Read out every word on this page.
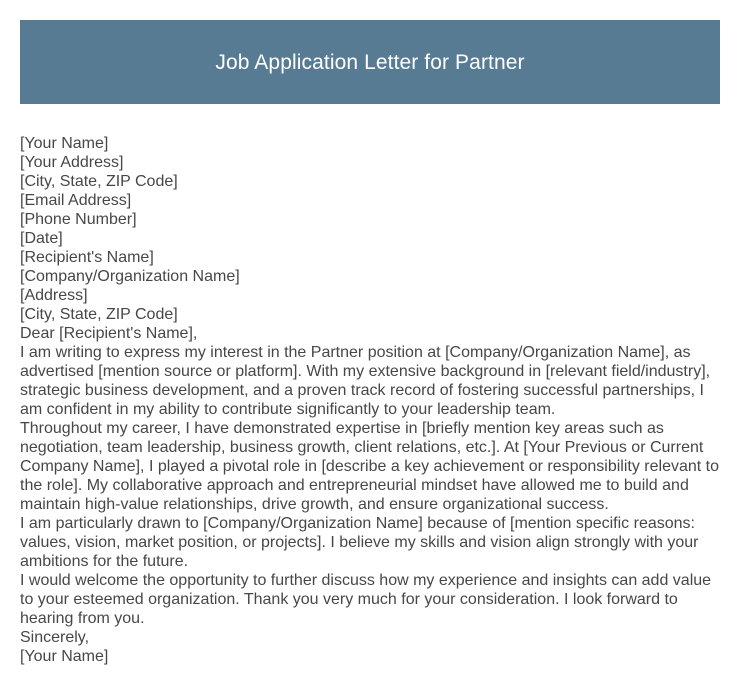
Job Application Letter for Partner
[Your Name]
[Your Address]
[City, State, ZIP Code]
[Email Address]
[Phone Number]
[Date]
[Recipient's Name]
[Company/Organization Name]
[Address]
[City, State, ZIP Code]
Dear [Recipient's Name],
I am writing to express my interest in the Partner position at [Company/Organization Name], as
advertised [mention source or platform]. With my extensive background in [relevant field/industry],
strategic business development, and a proven track record of fostering successful partnerships, I
am confident in my ability to contribute significantly to your leadership team.
Throughout my career, I have demonstrated expertise in [briefly mention key areas such as
negotiation, team leadership, business growth, client relations, etc.]. At [Your Previous or Current
Company Name], I played a pivotal role in [describe a key achievement or responsibility relevant to
the role]. My collaborative approach and entrepreneurial mindset have allowed me to build and
maintain high-value relationships, drive growth, and ensure organizational success.
I am particularly drawn to [Company/Organization Name] because of [mention specific reasons:
values, vision, market position, or projects]. I believe my skills and vision align strongly with your
ambitions for the future.
I would welcome the opportunity to further discuss how my experience and insights can add value
to your esteemed organization. Thank you very much for your consideration. I look forward to
hearing from you.
Sincerely,
[Your Name]
